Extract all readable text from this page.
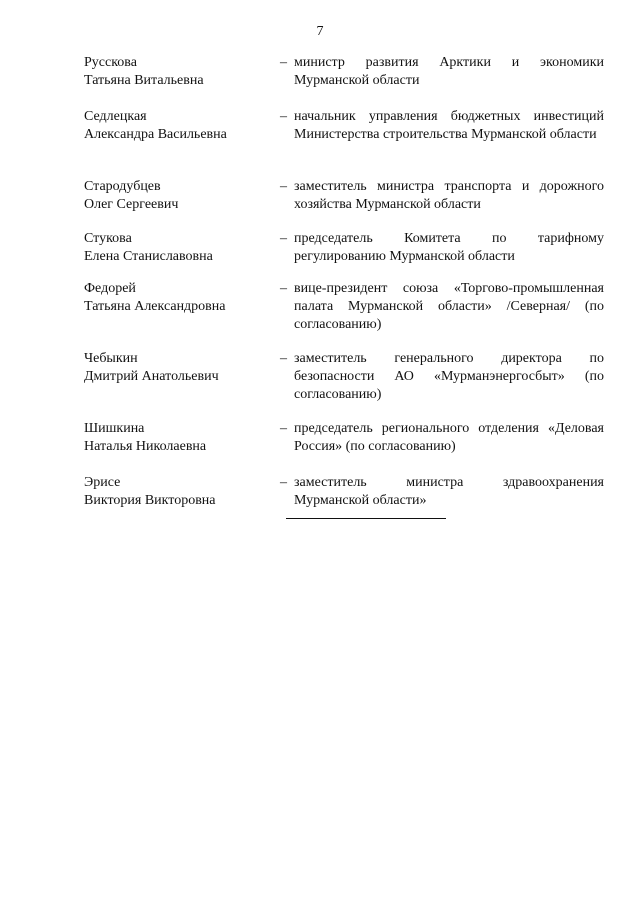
7
Русскова
Татьяна Витальевна
– министр развития Арктики и экономики Мурманской области
Седлецкая
Александра Васильевна
– начальник управления бюджетных инвестиций Министерства строительства Мурманской области
Стародубцев
Олег Сергеевич
– заместитель министра транспорта и дорожного хозяйства Мурманской области
Стукова
Елена Станиславовна
– председатель Комитета по тарифному регулированию Мурманской области
Федорей
Татьяна Александровна
– вице-президент союза «Торгово-промышленная палата Мурманской области» /Северная/ (по согласованию)
Чебыкин
Дмитрий Анатольевич
– заместитель генерального директора по безопасности АО «Мурманэнергосбыт» (по согласованию)
Шишкина
Наталья Николаевна
– председатель регионального отделения «Деловая Россия» (по согласованию)
Эрисе
Виктория Викторовна
– заместитель министра здравоохранения Мурманской области»
